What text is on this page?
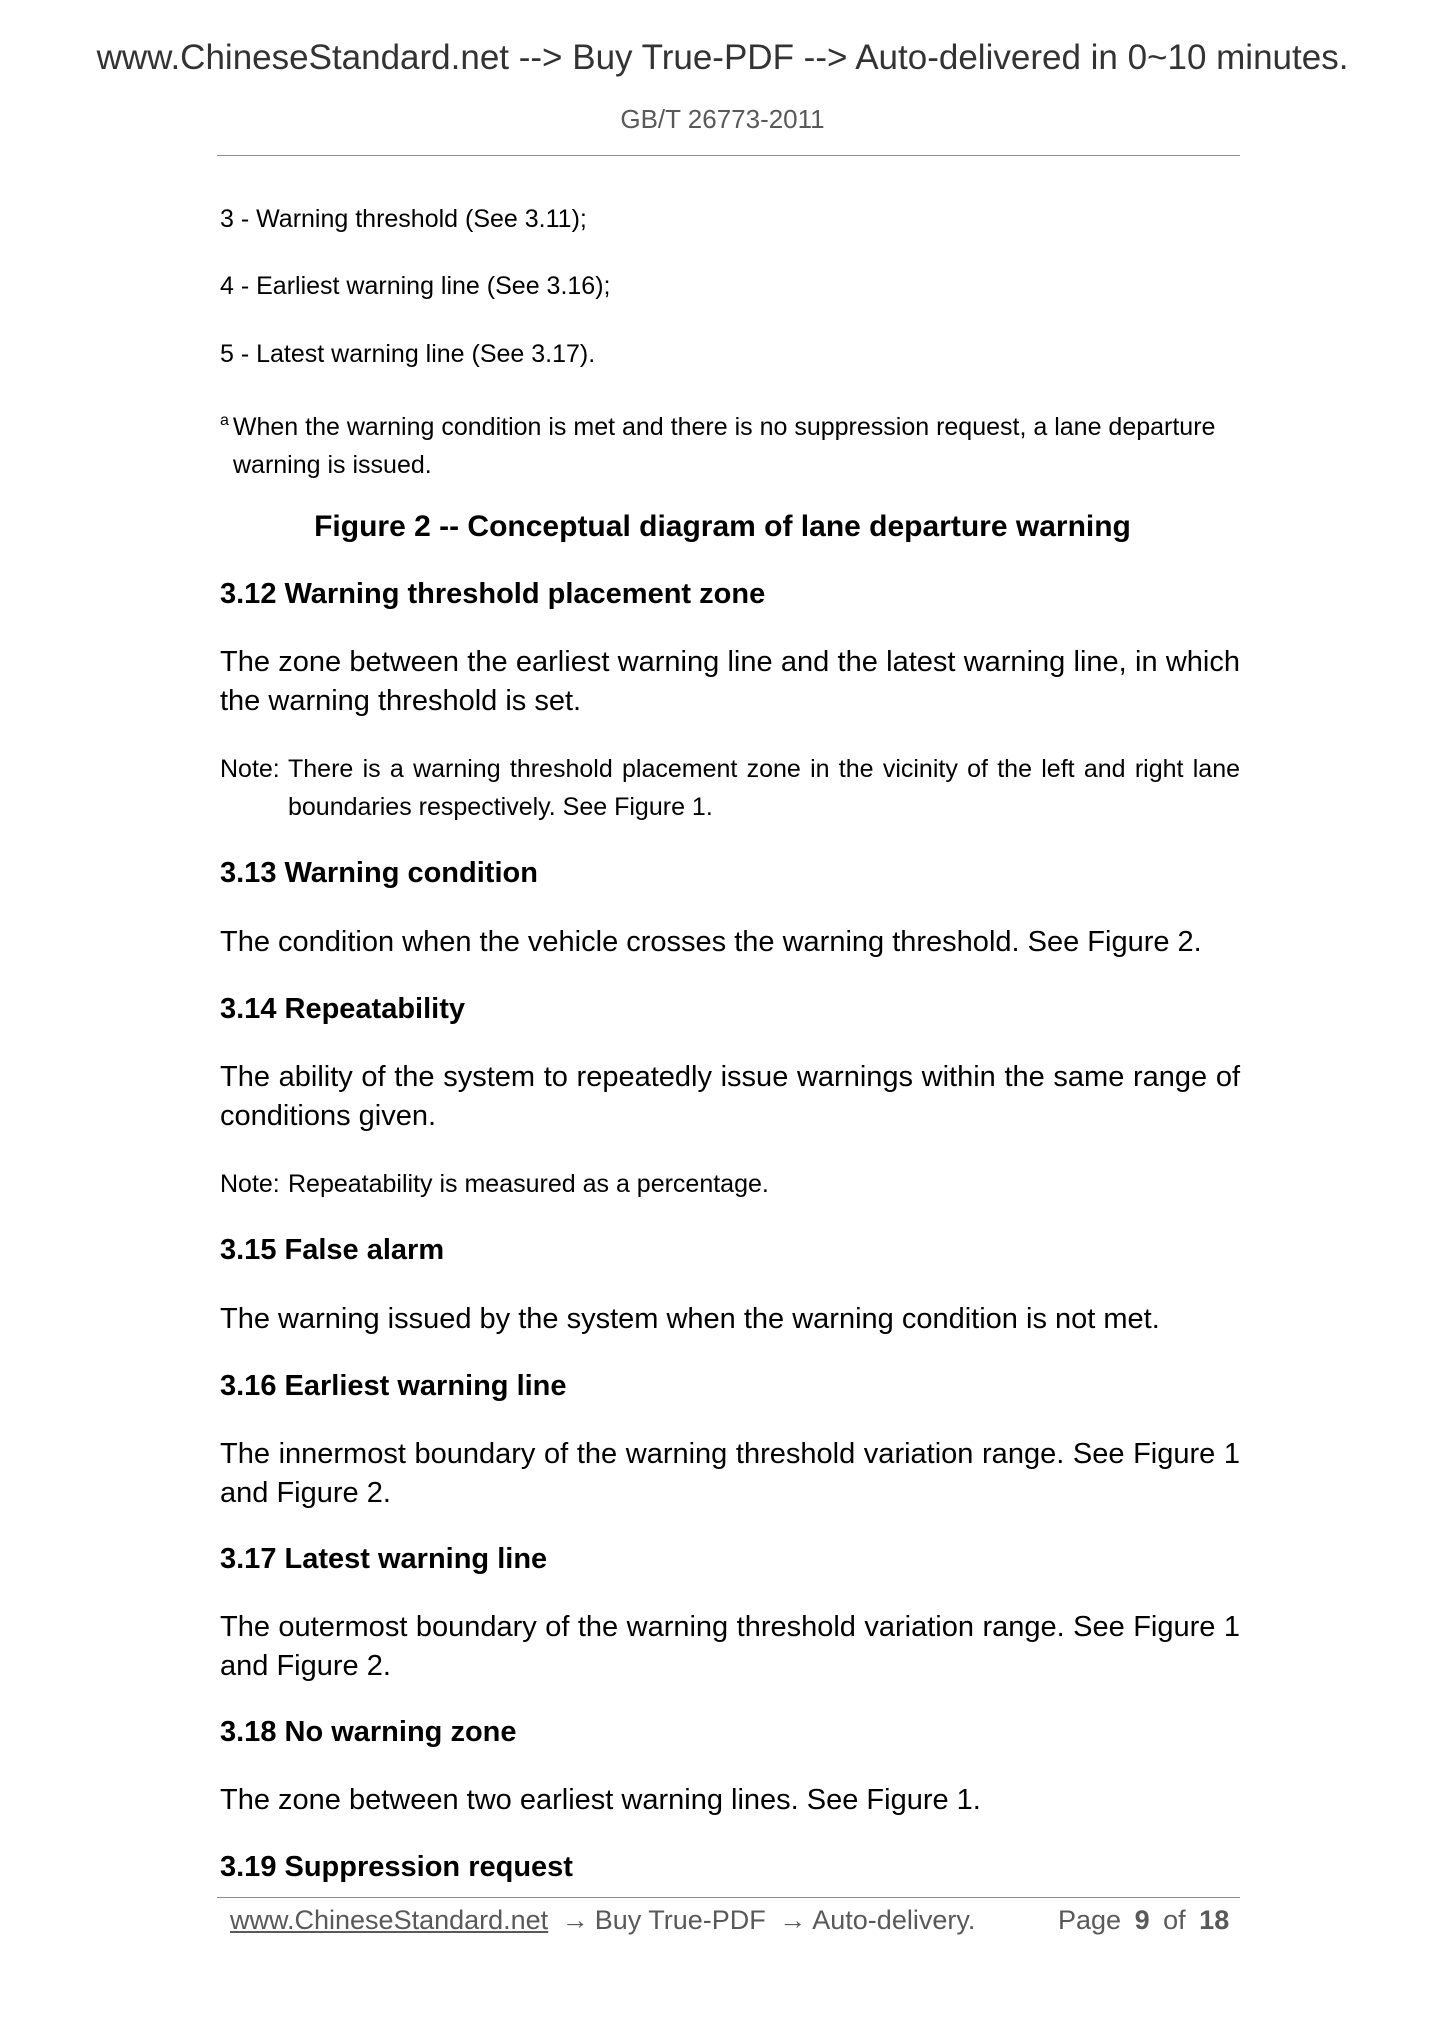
www.ChineseStandard.net --> Buy True-PDF --> Auto-delivered in 0~10 minutes.
GB/T 26773-2011
3 - Warning threshold (See 3.11);
4 - Earliest warning line (See 3.16);
5 - Latest warning line (See 3.17).
$^a$ When the warning condition is met and there is no suppression request, a lane departure
warning is issued.
Figure 2 -- Conceptual diagram of lane departure warning
3.12 Warning threshold placement zone
The zone between the earliest warning line and the latest warning line, in which the warning threshold is set.
Note: There is a warning threshold placement zone in the vicinity of the left and right lane boundaries respectively. See Figure 1.
3.13 Warning condition
The condition when the vehicle crosses the warning threshold. See Figure 2.
3.14 Repeatability
The ability of the system to repeatedly issue warnings within the same range of conditions given.
Note: Repeatability is measured as a percentage.
3.15 False alarm
The warning issued by the system when the warning condition is not met.
3.16 Earliest warning line
The innermost boundary of the warning threshold variation range. See Figure 1 and Figure 2.
3.17 Latest warning line
The outermost boundary of the warning threshold variation range. See Figure 1 and Figure 2.
3.18 No warning zone
The zone between two earliest warning lines. See Figure 1.
3.19 Suppression request
www.ChineseStandard.net → Buy True-PDF → Auto-delivery.	Page 9 of 18
